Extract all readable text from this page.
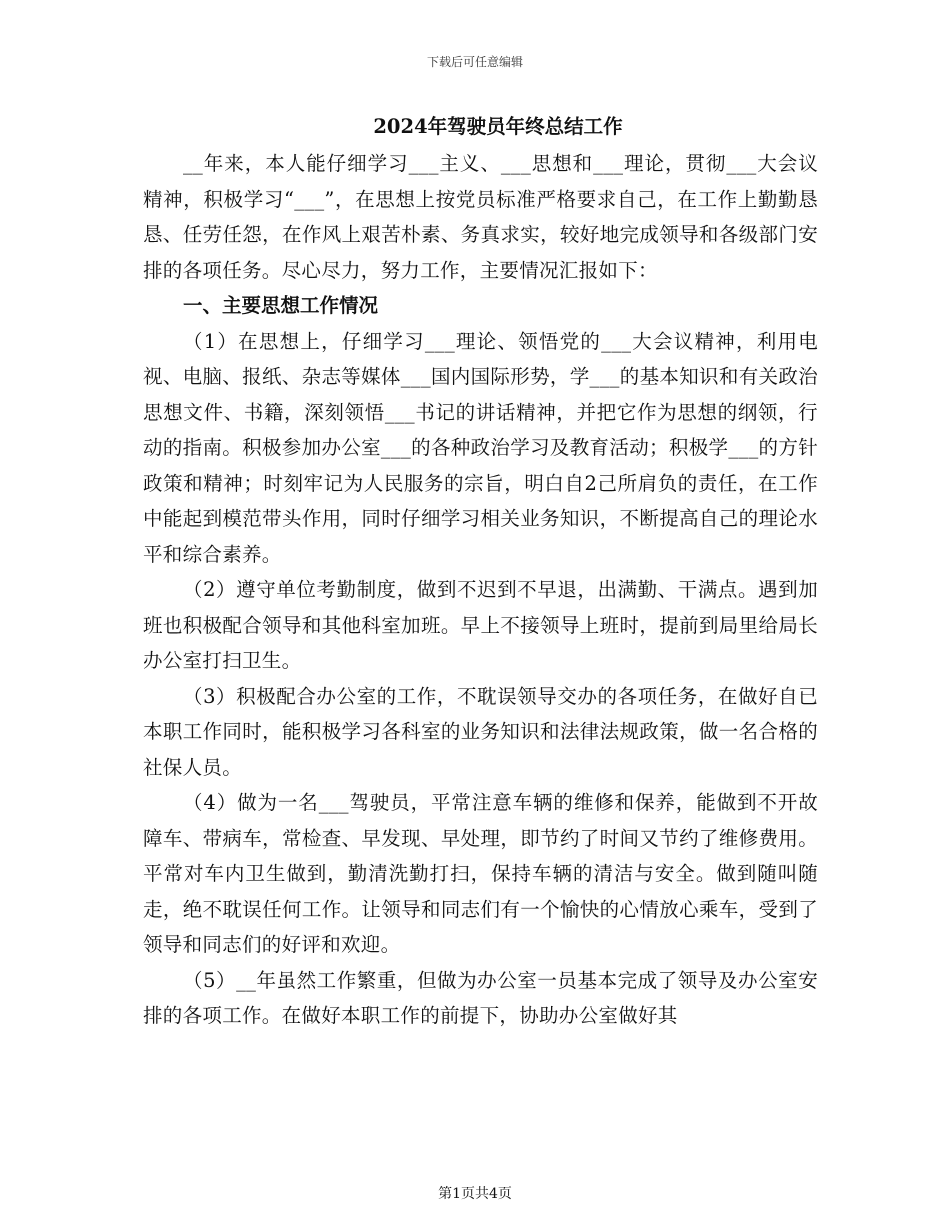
下载后可任意编辑
2024年驾驶员年终总结工作

__年来，本人能仔细学习___主义、___思想和___理论，贯彻___大会议精神，积极学习“___”，在思想上按党员标准严格要求自己，在工作上勤勤恳恳、任劳任怨，在作风上艰苦朴素、务真求实，较好地完成领导和各级部门安排的各项任务。尽心尽力，努力工作，主要情况汇报如下：

一、主要思想工作情况

（1）在思想上，仔细学习___理论、领悟党的___大会议精神，利用电视、电脑、报纸、杂志等媒体___国内国际形势，学___的基本知识和有关政治思想文件、书籍，深刻领悟___书记的讲话精神，并把它作为思想的纲领，行动的指南。积极参加办公室___的各种政治学习及教育活动；积极学___的方针政策和精神；时刻牢记为人民服务的宗旨，明白自2己所肩负的责任，在工作中能起到模范带头作用，同时仔细学习相关业务知识，不断提高自己的理论水平和综合素养。

（2）遵守单位考勤制度，做到不迟到不早退，出满勤、干满点。遇到加班也积极配合领导和其他科室加班。早上不接领导上班时，提前到局里给局长办公室打扫卫生。

（3）积极配合办公室的工作，不耽误领导交办的各项任务，在做好自已本职工作同时，能积极学习各科室的业务知识和法律法规政策，做一名合格的社保人员。

（4）做为一名___驾驶员，平常注意车辆的维修和保养，能做到不开故障车、带病车，常检查、早发现、早处理，即节约了时间又节约了维修费用。平常对车内卫生做到，勤清洗勤打扫，保持车辆的清洁与安全。做到随叫随走，绝不耽误任何工作。让领导和同志们有一个愉快的心情放心乘车，受到了领导和同志们的好评和欢迎。

（5）__年虽然工作繁重，但做为办公室一员基本完成了领导及办公室安排的各项工作。在做好本职工作的前提下，协助办公室做好其

第1页共4页
